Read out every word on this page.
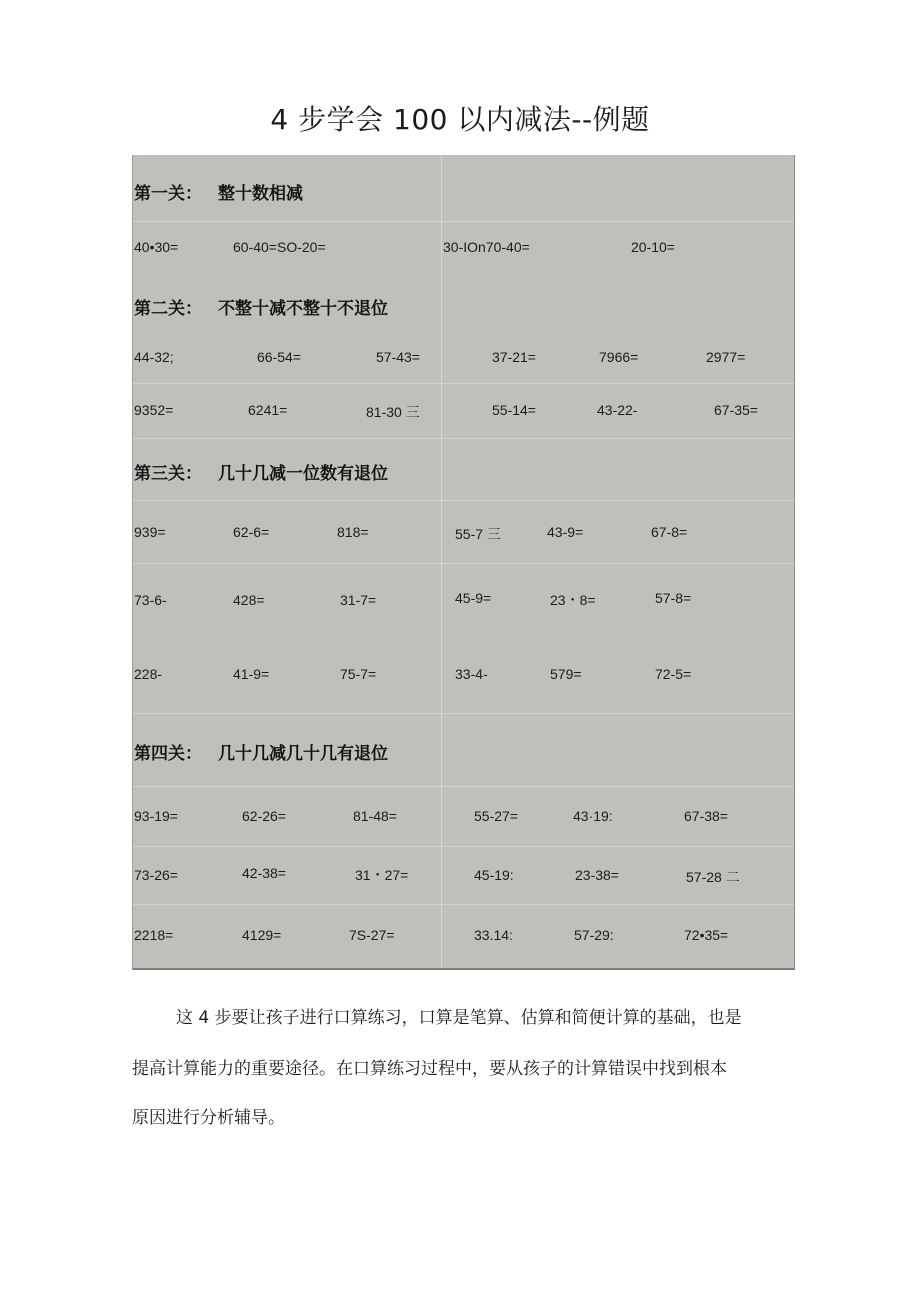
4 步学会 100 以内减法--例题
第一关： 整十数相减
40•30=	60-40=SO-20=	30-IOn70-40=	20-10=
第二关： 不整十减不整十不退位
44-32;	66-54=	57-43=	37-21=	7966=	2977=
9352=	6241=	81-30 三	55-14=	43-22-	67-35=
第三关： 几十几减一位数有退位
939=	62-6=	818=	55-7 三	43-9=	67-8=
73-6-	428=	31-7=	45-9=	23・8=	57-8=
228-	41-9=	75-7=	33-4-	579=	72-5=
第四关： 几十几减几十几有退位
93-19=	62-26=	81-48=	55-27=	43·19:	67-38=
73-26=	42-38=	31・27=	45-19:	23-38=	57-28 二
2218=	4129=	7S-27=	33.14:	57-29:	72•35=
这 4 步要让孩子进行口算练习，口算是笔算、估算和简便计算的基础，也是
提高计算能力的重要途径。在口算练习过程中，要从孩子的计算错误中找到根本
原因进行分析辅导。
